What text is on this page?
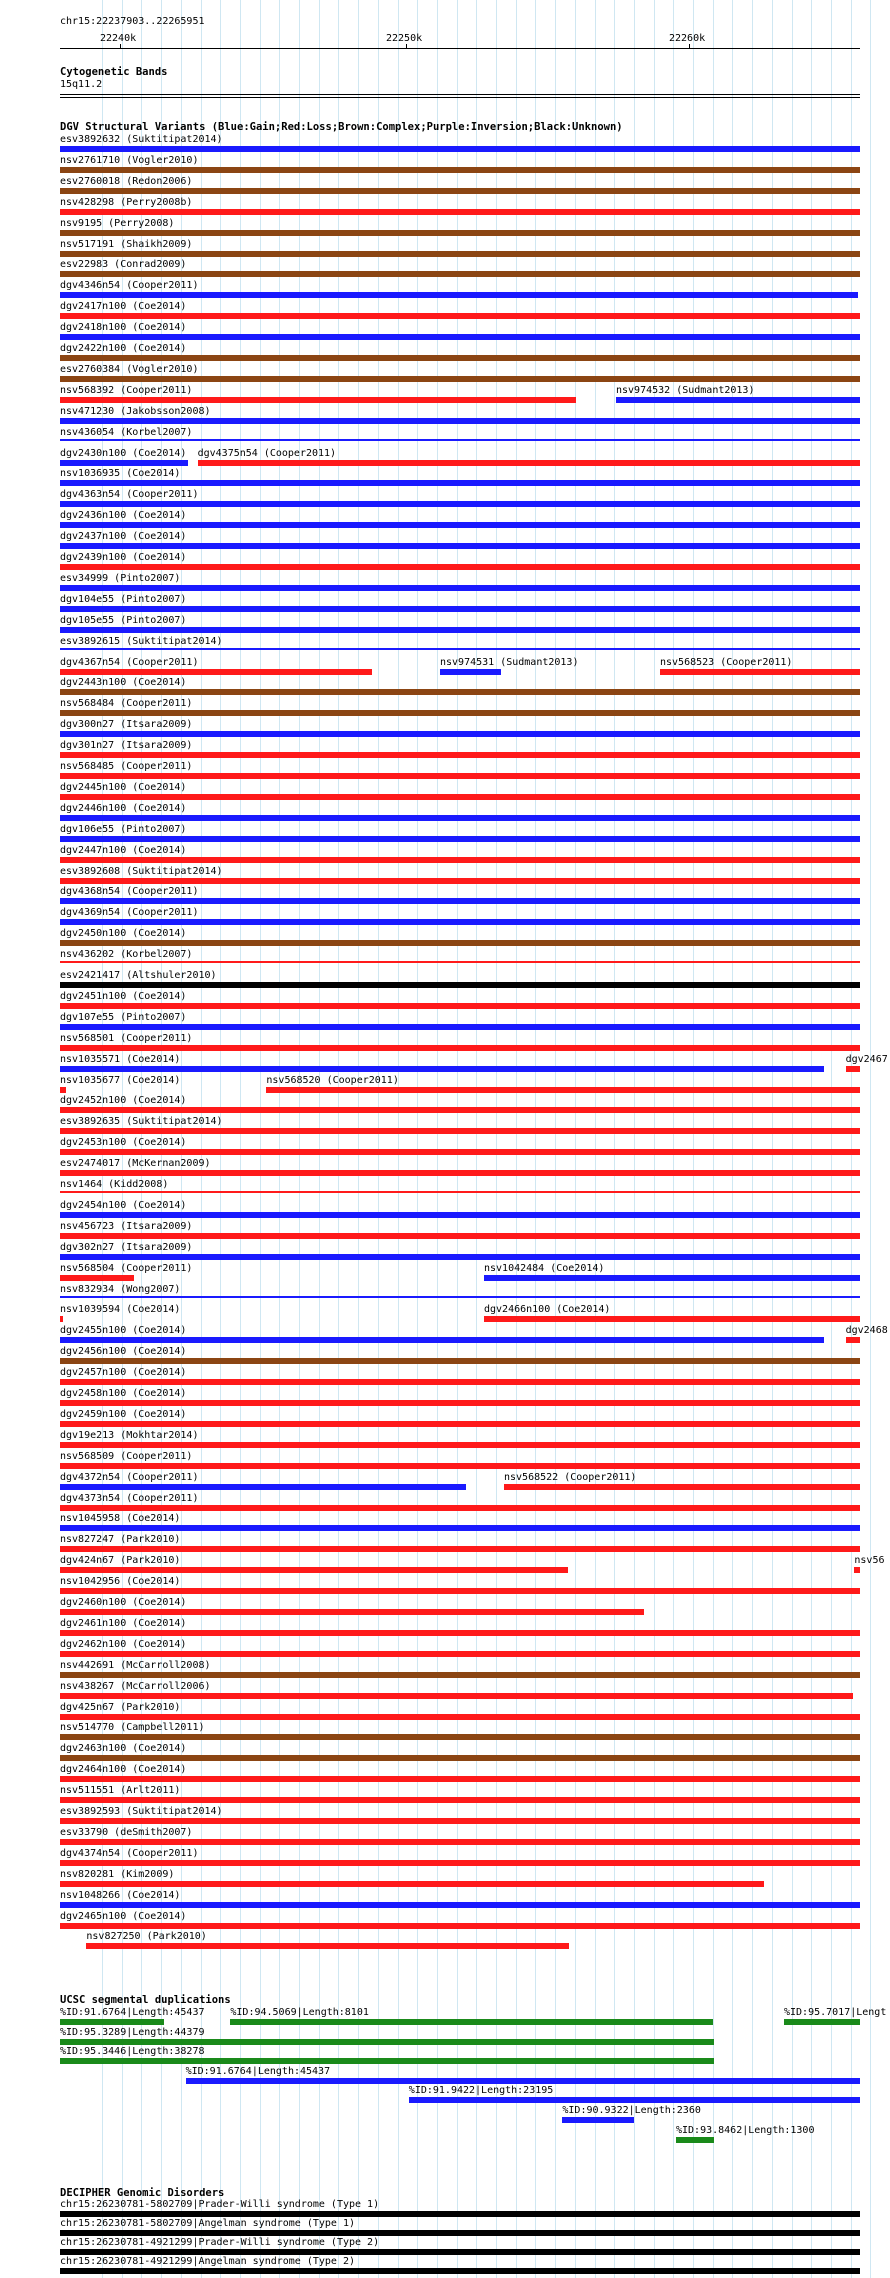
chr15:22237903..22265951
22240k	22250k	22260k
Cytogenetic Bands
15q11.2
DGV Structural Variants (Blue:Gain;Red:Loss;Brown:Complex;Purple:Inversion;Black:Unknown)
esv3892632 (Suktitipat2014)
nsv2761710 (Vogler2010)
esv2760018 (Redon2006)
nsv428298 (Perry2008b)
nsv9195 (Perry2008)
nsv517191 (Shaikh2009)
esv22983 (Conrad2009)
dgv4346n54 (Cooper2011)
dgv2417n100 (Coe2014)
dgv2418n100 (Coe2014)
dgv2422n100 (Coe2014)
esv2760384 (Vogler2010)
nsv568392 (Cooper2011)	nsv974532 (Sudmant2013)
nsv471230 (Jakobsson2008)
nsv436054 (Korbel2007)
dgv2430n100 (Coe2014) dgv4375n54 (Cooper2011)
nsv1036935 (Coe2014)
dgv4363n54 (Cooper2011)
dgv2436n100 (Coe2014)
dgv2437n100 (Coe2014)
dgv2439n100 (Coe2014)
esv34999 (Pinto2007)
dgv104e55 (Pinto2007)
dgv105e55 (Pinto2007)
esv3892615 (Suktitipat2014)
dgv4367n54 (Cooper2011)	nsv974531 (Sudmant2013)	nsv568523 (Cooper2011)
dgv2443n100 (Coe2014)
nsv568484 (Cooper2011)
dgv300n27 (Itsara2009)
dgv301n27 (Itsara2009)
nsv568485 (Cooper2011)
dgv2445n100 (Coe2014)
dgv2446n100 (Coe2014)
dgv106e55 (Pinto2007)
dgv2447n100 (Coe2014)
esv3892608 (Suktitipat2014)
dgv4368n54 (Cooper2011)
dgv4369n54 (Cooper2011)
dgv2450n100 (Coe2014)
nsv436202 (Korbel2007)
esv2421417 (Altshuler2010)
dgv2451n100 (Coe2014)
dgv107e55 (Pinto2007)
nsv568501 (Cooper2011)
nsv1035571 (Coe2014)	dgv2467
nsv1035677 (Coe2014)	nsv568520 (Cooper2011)
dgv2452n100 (Coe2014)
esv3892635 (Suktitipat2014)
dgv2453n100 (Coe2014)
esv2474017 (McKernan2009)
nsv1464 (Kidd2008)
dgv2454n100 (Coe2014)
nsv456723 (Itsara2009)
dgv302n27 (Itsara2009)
nsv568504 (Cooper2011)	nsv1042484 (Coe2014)
nsv832934 (Wong2007)
nsv1039594 (Coe2014)	dgv2466n100 (Coe2014)
dgv2455n100 (Coe2014)	dgv2468
dgv2456n100 (Coe2014)
dgv2457n100 (Coe2014)
dgv2458n100 (Coe2014)
dgv2459n100 (Coe2014)
dgv19e213 (Mokhtar2014)
nsv568509 (Cooper2011)
dgv4372n54 (Cooper2011)	nsv568522 (Cooper2011)
dgv4373n54 (Cooper2011)
nsv1045958 (Coe2014)
nsv827247 (Park2010)
dgv424n67 (Park2010)	nsv56
nsv1042956 (Coe2014)
dgv2460n100 (Coe2014)
dgv2461n100 (Coe2014)
dgv2462n100 (Coe2014)
nsv442691 (McCarroll2008)
nsv438267 (McCarroll2006)
dgv425n67 (Park2010)
nsv514770 (Campbell2011)
dgv2463n100 (Coe2014)
dgv2464n100 (Coe2014)
nsv511551 (Arlt2011)
esv3892593 (Suktitipat2014)
esv33790 (deSmith2007)
dgv4374n54 (Cooper2011)
nsv820281 (Kim2009)
nsv1048266 (Coe2014)
dgv2465n100 (Coe2014)
nsv827250 (Park2010)
UCSC segmental duplications
%ID:91.6764|Length:45437	%ID:94.5069|Length:8101	%ID:95.7017|Lengt
%ID:95.3289|Length:44379
%ID:95.3446|Length:38278
%ID:91.6764|Length:45437
%ID:91.9422|Length:23195
%ID:90.9322|Length:2360
%ID:93.8462|Length:1300
DECIPHER Genomic Disorders
chr15:26230781-5802709|Prader-Willi syndrome (Type 1)
chr15:26230781-5802709|Angelman syndrome (Type 1)
chr15:26230781-4921299|Prader-Willi syndrome (Type 2)
chr15:26230781-4921299|Angelman syndrome (Type 2)
